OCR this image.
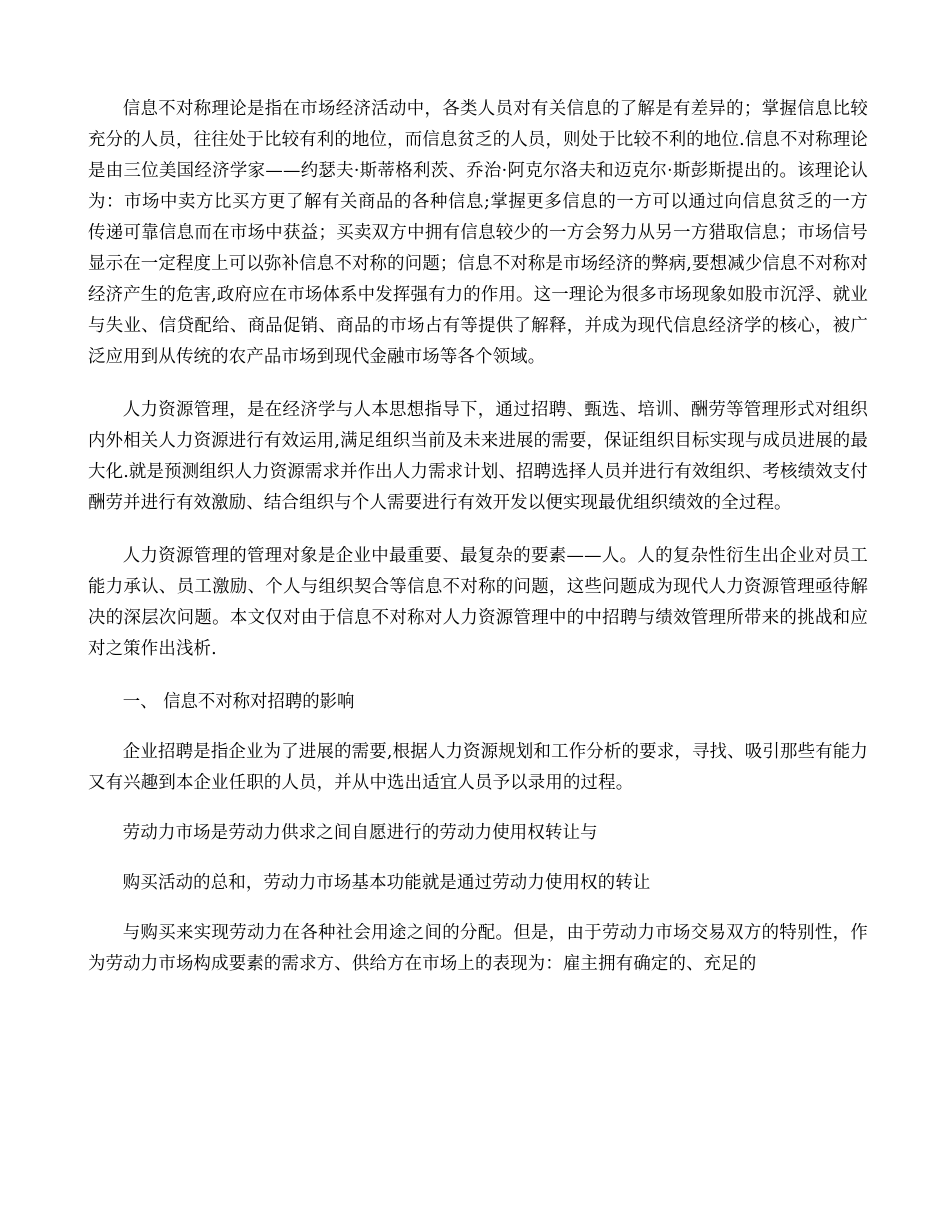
信息不对称理论是指在市场经济活动中，各类人员对有关信息的了解是有差异的；掌握信息比较充分的人员，往往处于比较有利的地位，而信息贫乏的人员，则处于比较不利的地位.信息不对称理论是由三位美国经济学家——约瑟夫·斯蒂格利茨、乔治·阿克尔洛夫和迈克尔·斯彭斯提出的。该理论认为：市场中卖方比买方更了解有关商品的各种信息;掌握更多信息的一方可以通过向信息贫乏的一方传递可靠信息而在市场中获益；买卖双方中拥有信息较少的一方会努力从另一方猎取信息；市场信号显示在一定程度上可以弥补信息不对称的问题；信息不对称是市场经济的弊病,要想减少信息不对称对经济产生的危害,政府应在市场体系中发挥强有力的作用。这一理论为很多市场现象如股市沉浮、就业与失业、信贷配给、商品促销、商品的市场占有等提供了解释，并成为现代信息经济学的核心，被广泛应用到从传统的农产品市场到现代金融市场等各个领域。

人力资源管理，是在经济学与人本思想指导下，通过招聘、甄选、培训、酬劳等管理形式对组织内外相关人力资源进行有效运用,满足组织当前及未来进展的需要，保证组织目标实现与成员进展的最大化.就是预测组织人力资源需求并作出人力需求计划、招聘选择人员并进行有效组织、考核绩效支付酬劳并进行有效激励、结合组织与个人需要进行有效开发以便实现最优组织绩效的全过程。

人力资源管理的管理对象是企业中最重要、最复杂的要素——人。人的复杂性衍生出企业对员工能力承认、员工激励、个人与组织契合等信息不对称的问题，这些问题成为现代人力资源管理亟待解决的深层次问题。本文仅对由于信息不对称对人力资源管理中的中招聘与绩效管理所带来的挑战和应对之策作出浅析.

一、 信息不对称对招聘的影响

企业招聘是指企业为了进展的需要,根据人力资源规划和工作分析的要求，寻找、吸引那些有能力又有兴趣到本企业任职的人员，并从中选出适宜人员予以录用的过程。

劳动力市场是劳动力供求之间自愿进行的劳动力使用权转让与

购买活动的总和，劳动力市场基本功能就是通过劳动力使用权的转让

与购买来实现劳动力在各种社会用途之间的分配。但是，由于劳动力市场交易双方的特别性，作为劳动力市场构成要素的需求方、供给方在市场上的表现为：雇主拥有确定的、充足的
